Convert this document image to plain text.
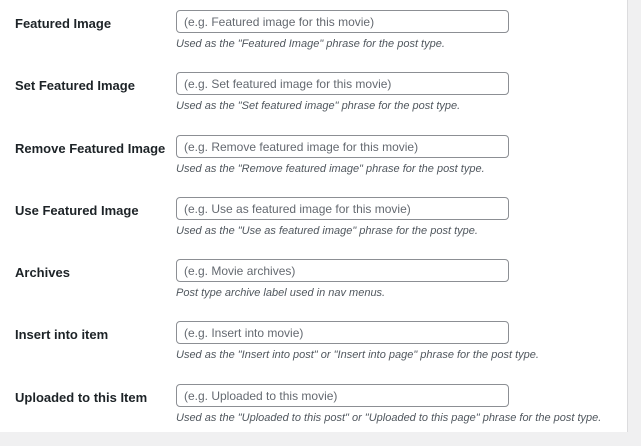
Featured Image
(e.g. Featured image for this movie)
Used as the "Featured Image" phrase for the post type.
Set Featured Image
(e.g. Set featured image for this movie)
Used as the "Set featured image" phrase for the post type.
Remove Featured Image
(e.g. Remove featured image for this movie)
Used as the "Remove featured image" phrase for the post type.
Use Featured Image
(e.g. Use as featured image for this movie)
Used as the "Use as featured image" phrase for the post type.
Archives
(e.g. Movie archives)
Post type archive label used in nav menus.
Insert into item
(e.g. Insert into movie)
Used as the "Insert into post" or "Insert into page" phrase for the post type.
Uploaded to this Item
(e.g. Uploaded to this movie)
Used as the "Uploaded to this post" or "Uploaded to this page" phrase for the post type.
